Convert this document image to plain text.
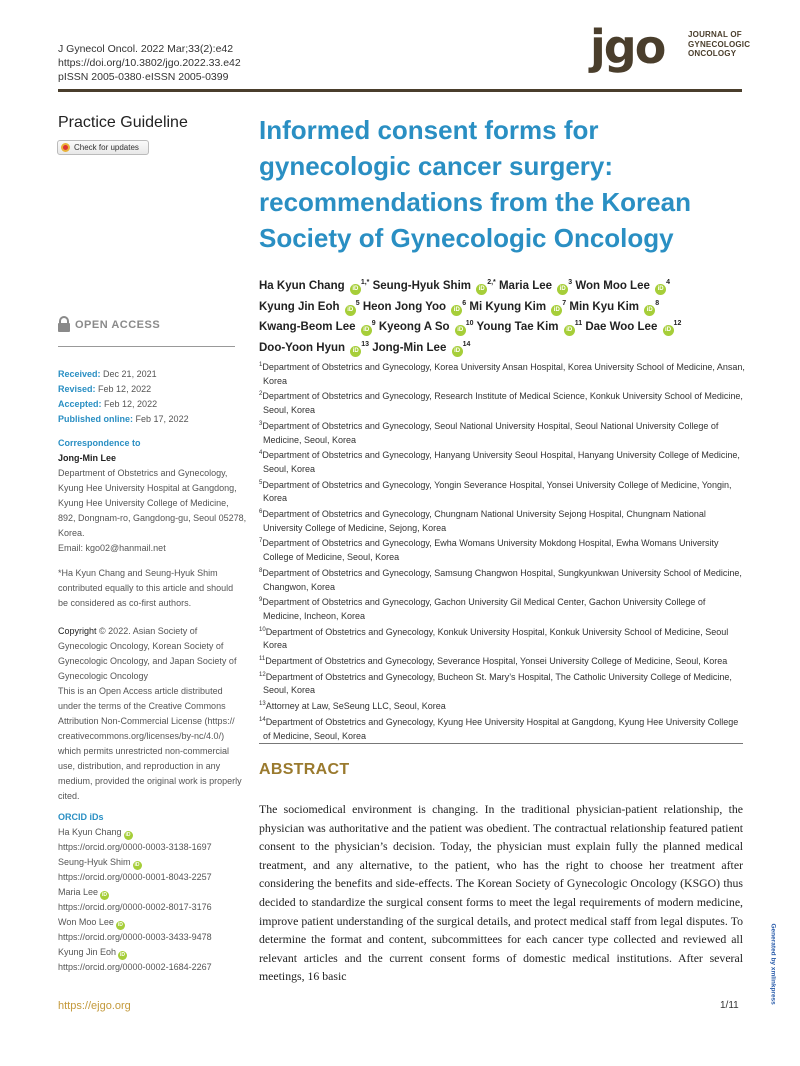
J Gynecol Oncol. 2022 Mar;33(2):e42
https://doi.org/10.3802/jgo.2022.33.e42
pISSN 2005-0380·eISSN 2005-0399
jgo	JOURNAL OF
GYNECOLOGIC
ONCOLOGY
Practice Guideline
Check for updates
OPEN ACCESS
Received: Dec 21, 2021
Revised: Feb 12, 2022
Accepted: Feb 12, 2022
Published online: Feb 17, 2022
Correspondence to
Jong-Min Lee
Department of Obstetrics and Gynecology,
Kyung Hee University Hospital at Gangdong,
Kyung Hee University College of Medicine,
892, Dongnam-ro, Gangdong-gu, Seoul 05278,
Korea.
Email: kgo02@hanmail.net
*Ha Kyun Chang and Seung-Hyuk Shim
contributed equally to this article and should
be considered as co-first authors.
Copyright © 2022. Asian Society of
Gynecologic Oncology, Korean Society of
Gynecologic Oncology, and Japan Society of
Gynecologic Oncology
This is an Open Access article distributed
under the terms of the Creative Commons
Attribution Non-Commercial License (https://
creativecommons.org/licenses/by-nc/4.0/)
which permits unrestricted non-commercial
use, distribution, and reproduction in any
medium, provided the original work is properly
cited.
ORCID iDs
Ha Kyun Chang iD
https://orcid.org/0000-0003-3138-1697
Seung-Hyuk Shim iD
https://orcid.org/0000-0001-8043-2257
Maria Lee iD
https://orcid.org/0000-0002-8017-3176
Won Moo Lee iD
https://orcid.org/0000-0003-3433-9478
Kyung Jin Eoh iD
https://orcid.org/0000-0002-1684-2267
Informed consent forms for gynecologic cancer surgery: recommendations from the Korean Society of Gynecologic Oncology
Ha Kyun Chang $iD^{1,*}$ Seung-Hyuk Shim $iD^{2,*}$ Maria Lee $iD^3$ Won Moo Lee $iD^4$ Kyung Jin Eoh $iD^5$ Heon Jong Yoo $iD^6$ Mi Kyung Kim $iD^7$ Min Kyu Kim $iD^8$ Kwang-Beom Lee $iD^9$ Kyeong A So $iD^{10}$ Young Tae Kim $iD^{11}$ Dae Woo Lee $iD^{12}$ Doo-Yoon Hyun $iD^{13}$ Jong-Min Lee $iD^{14}$
$^1$Department of Obstetrics and Gynecology, Korea University Ansan Hospital, Korea University School of Medicine, Ansan, Korea
$^2$Department of Obstetrics and Gynecology, Research Institute of Medical Science, Konkuk University School of Medicine, Seoul, Korea
$^3$Department of Obstetrics and Gynecology, Seoul National University Hospital, Seoul National University College of Medicine, Seoul, Korea
$^4$Department of Obstetrics and Gynecology, Hanyang University Seoul Hospital, Hanyang University College of Medicine, Seoul, Korea
$^5$Department of Obstetrics and Gynecology, Yongin Severance Hospital, Yonsei University College of Medicine, Yongin, Korea
$^6$Department of Obstetrics and Gynecology, Chungnam National University Sejong Hospital, Chungnam National University College of Medicine, Sejong, Korea
$^7$Department of Obstetrics and Gynecology, Ewha Womans University Mokdong Hospital, Ewha Womans University College of Medicine, Seoul, Korea
$^8$Department of Obstetrics and Gynecology, Samsung Changwon Hospital, Sungkyunkwan University School of Medicine, Changwon, Korea
$^9$Department of Obstetrics and Gynecology, Gachon University Gil Medical Center, Gachon University College of Medicine, Incheon, Korea
$^{10}$Department of Obstetrics and Gynecology, Konkuk University Hospital, Konkuk University School of Medicine, Seoul Korea
$^{11}$Department of Obstetrics and Gynecology, Severance Hospital, Yonsei University College of Medicine, Seoul, Korea
$^{12}$Department of Obstetrics and Gynecology, Bucheon St. Mary’s Hospital, The Catholic University College of Medicine, Seoul, Korea
$^{13}$Attorney at Law, SeSeung LLC, Seoul, Korea
$^{14}$Department of Obstetrics and Gynecology, Kyung Hee University Hospital at Gangdong, Kyung Hee University College of Medicine, Seoul, Korea
ABSTRACT

The sociomedical environment is changing. In the traditional physician-patient relationship, the physician was authoritative and the patient was obedient. The contractual relationship featured patient consent to the physician’s decision. Today, the physician must explain fully the planned medical treatment, and any alternative, to the patient, who has the right to choose her treatment after considering the benefits and side-effects. The Korean Society of Gynecologic Oncology (KSGO) thus decided to standardize the surgical consent forms to meet the legal requirements of modern medicine, improve patient understanding of the surgical details, and protect medical staff from legal disputes. To determine the format and content, subcommittees for each cancer type collected and reviewed all relevant articles and the current consent forms of domestic medical institutions. After several meetings, 16 basic

https://ejgo.org	1/11
Generated by xmlinkpress
